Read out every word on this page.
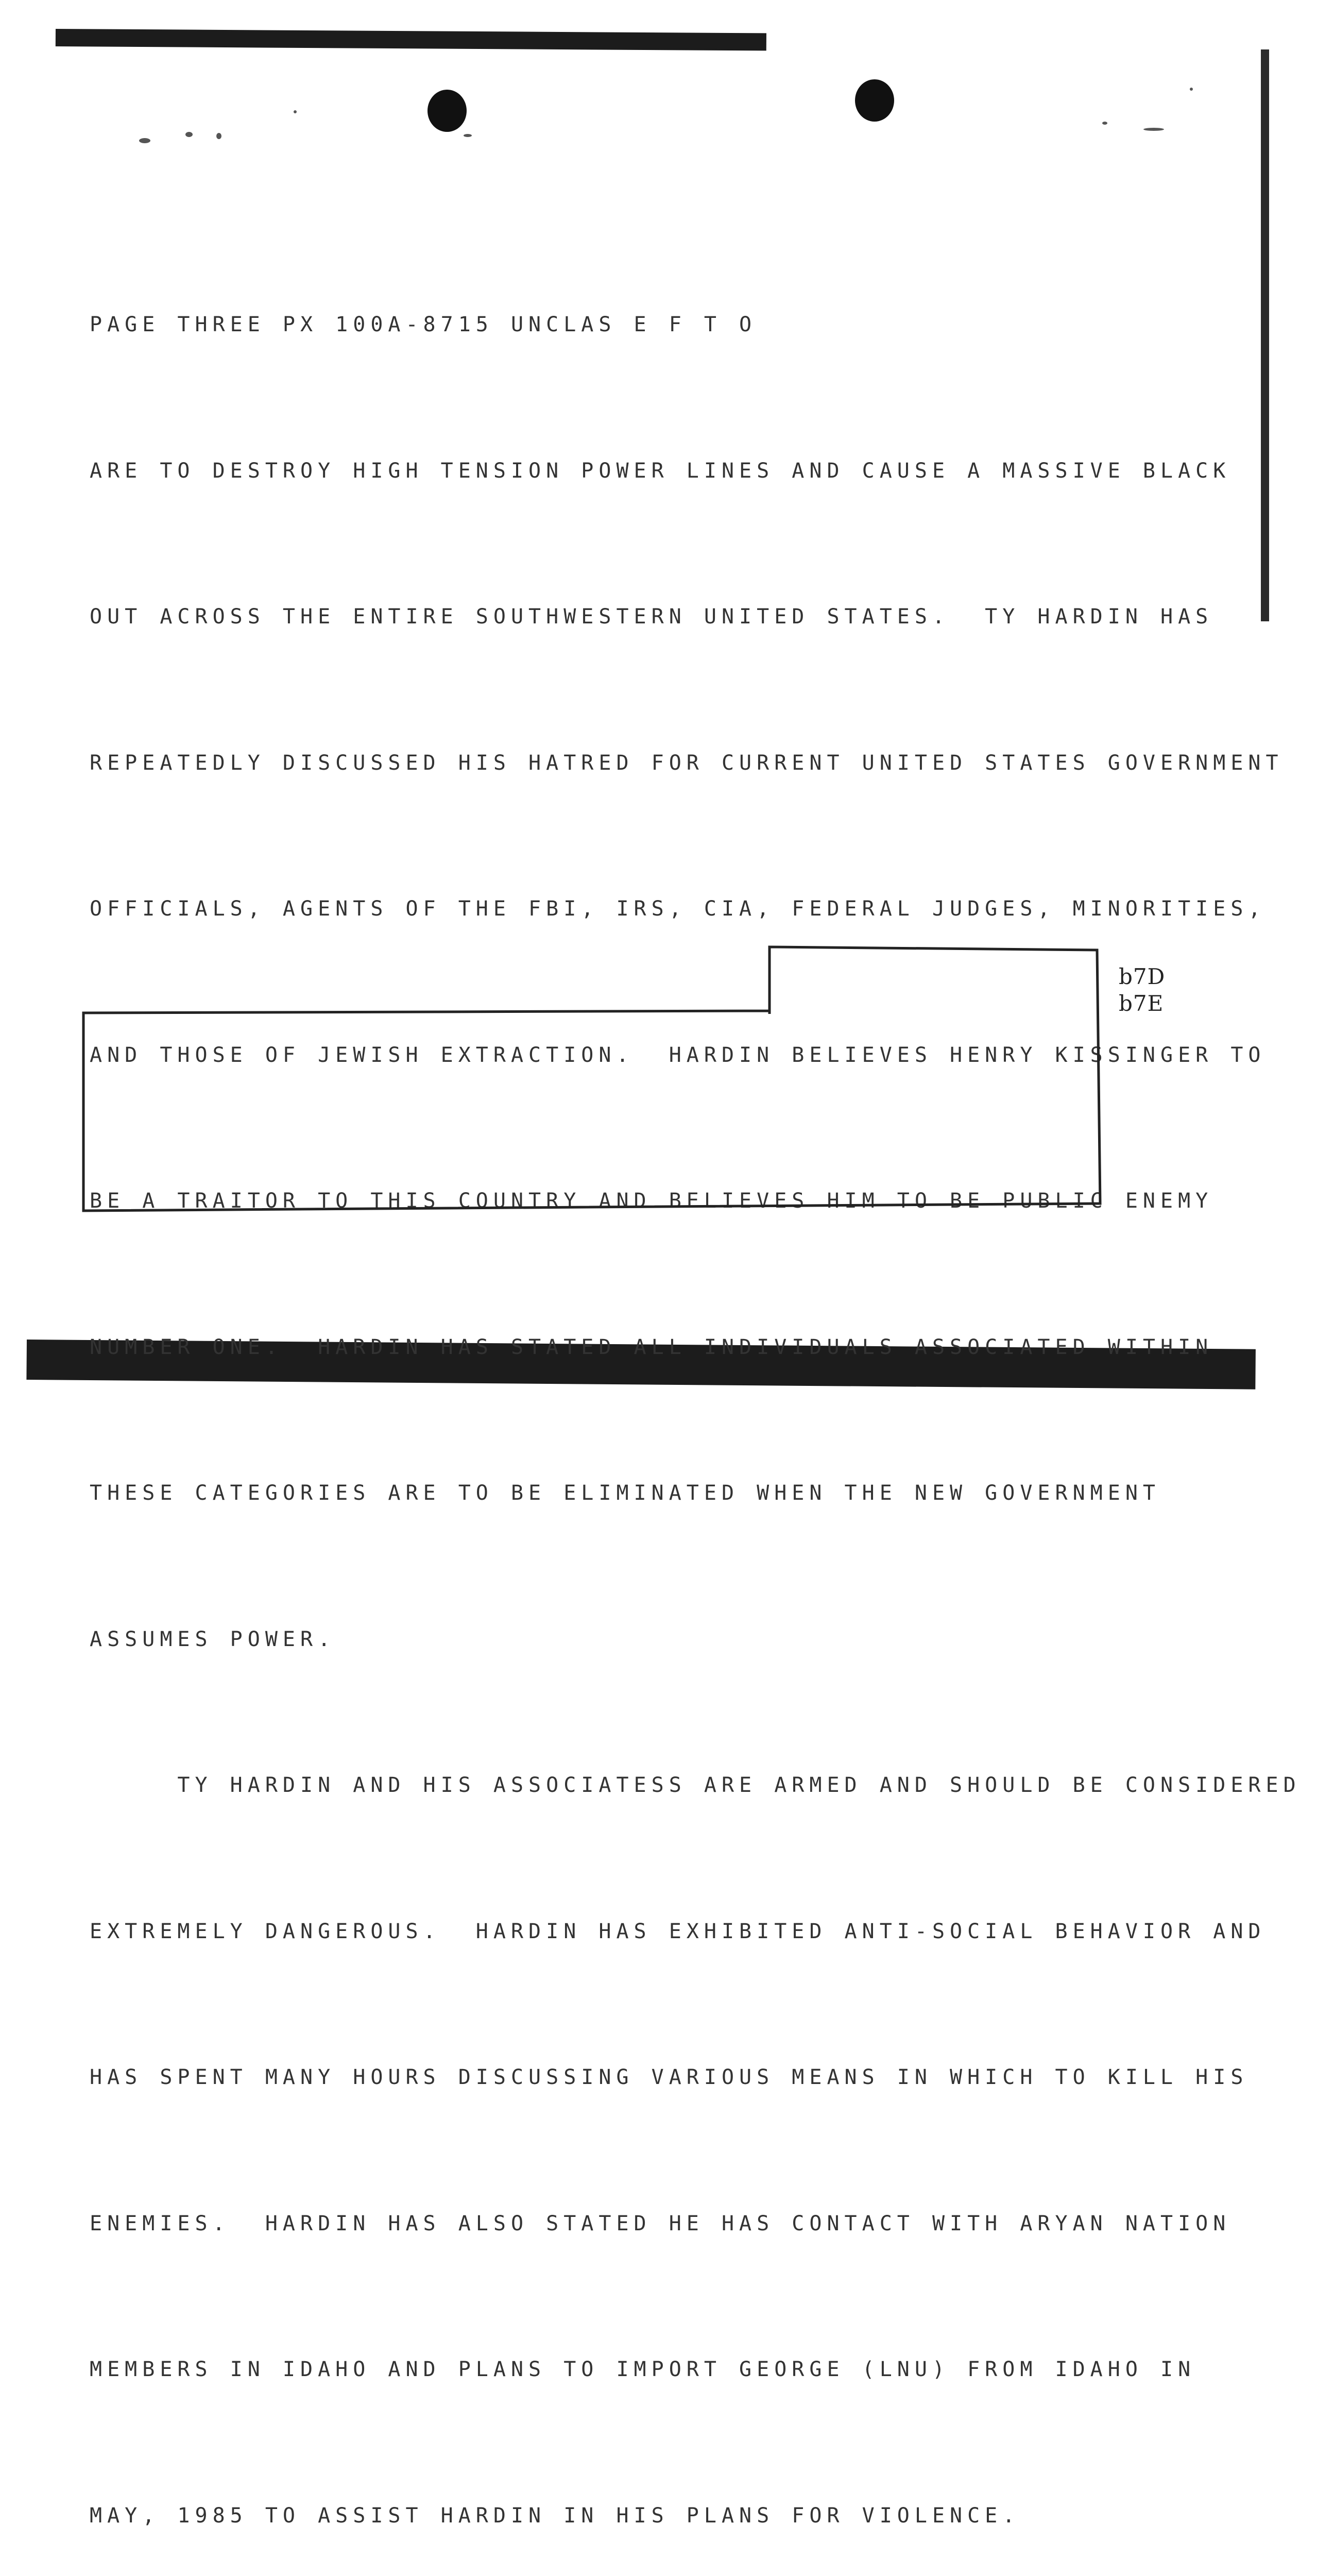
PAGE THREE PX 100A-8715 UNCLAS E F T O

ARE TO DESTROY HIGH TENSION POWER LINES AND CAUSE A MASSIVE BLACK

OUT ACROSS THE ENTIRE SOUTHWESTERN UNITED STATES.  TY HARDIN HAS

REPEATEDLY DISCUSSED HIS HATRED FOR CURRENT UNITED STATES GOVERNMENT

OFFICIALS, AGENTS OF THE FBI, IRS, CIA, FEDERAL JUDGES, MINORITIES,

AND THOSE OF JEWISH EXTRACTION.  HARDIN BELIEVES HENRY KISSINGER TO

BE A TRAITOR TO THIS COUNTRY AND BELIEVES HIM TO BE PUBLIC ENEMY

NUMBER ONE.  HARDIN HAS STATED ALL INDIVIDUALS ASSOCIATED WITHIN

THESE CATEGORIES ARE TO BE ELIMINATED WHEN THE NEW GOVERNMENT

ASSUMES POWER.

TY HARDIN AND HIS ASSOCIATESS ARE ARMED AND SHOULD BE CONSIDERED

EXTREMELY DANGEROUS.  HARDIN HAS EXHIBITED ANTI-SOCIAL BEHAVIOR AND

HAS SPENT MANY HOURS DISCUSSING VARIOUS MEANS IN WHICH TO KILL HIS

ENEMIES.  HARDIN HAS ALSO STATED HE HAS CONTACT WITH ARYAN NATION

MEMBERS IN IDAHO AND PLANS TO IMPORT GEORGE (LNU) FROM IDAHO IN

MAY, 1985 TO ASSIST HARDIN IN HIS PLANS FOR VIOLENCE.

b7D
b7E
